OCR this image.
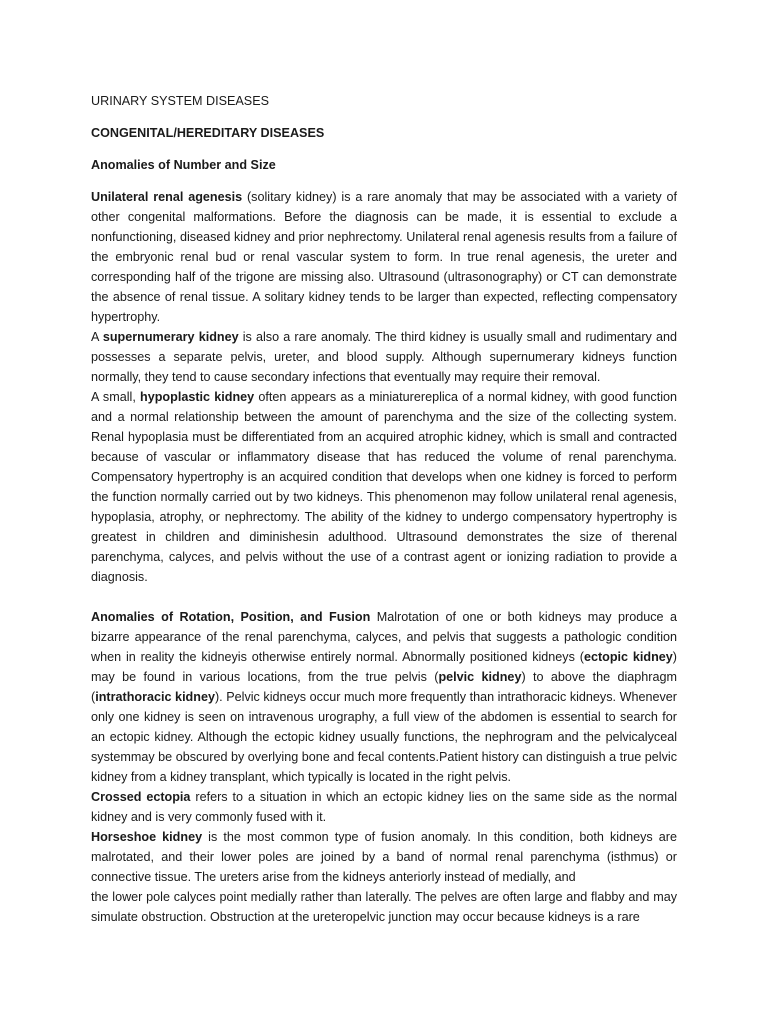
URINARY SYSTEM DISEASES

CONGENITAL/HEREDITARY DISEASES

Anomalies of Number and Size

Unilateral renal agenesis (solitary kidney) is a rare anomaly that may be associated with a variety of other congenital malformations. Before the diagnosis can be made, it is essential to exclude a nonfunctioning, diseased kidney and prior nephrectomy. Unilateral renal agenesis results from a failure of the embryonic renal bud or renal vascular system to form. In true renal agenesis, the ureter and corresponding half of the trigone are missing also. Ultrasound (ultrasonography) or CT can demonstrate the absence of renal tissue. A solitary kidney tends to be larger than expected, reflecting compensatory hypertrophy.

A supernumerary kidney is also a rare anomaly. The third kidney is usually small and rudimentary and possesses a separate pelvis, ureter, and blood supply. Although supernumerary kidneys function normally, they tend to cause secondary infections that eventually may require their removal.

A small, hypoplastic kidney often appears as a miniaturereplica of a normal kidney, with good function and a normal relationship between the amount of parenchyma and the size of the collecting system. Renal hypoplasia must be differentiated from an acquired atrophic kidney, which is small and contracted because of vascular or inflammatory disease that has reduced the volume of renal parenchyma. Compensatory hypertrophy is an acquired condition that develops when one kidney is forced to perform the function normally carried out by two kidneys. This phenomenon may follow unilateral renal agenesis, hypoplasia, atrophy, or nephrectomy. The ability of the kidney to undergo compensatory hypertrophy is greatest in children and diminishesin adulthood. Ultrasound demonstrates the size of therenal parenchyma, calyces, and pelvis without the use of a contrast agent or ionizing radiation to provide a diagnosis.

Anomalies of Rotation, Position, and Fusion Malrotation of one or both kidneys may produce a bizarre appearance of the renal parenchyma, calyces, and pelvis that suggests a pathologic condition when in reality the kidneyis otherwise entirely normal. Abnormally positioned kidneys (ectopic kidney) may be found in various locations, from the true pelvis (pelvic kidney) to above the diaphragm (intrathoracic kidney). Pelvic kidneys occur much more frequently than intrathoracic kidneys. Whenever only one kidney is seen on intravenous urography, a full view of the abdomen is essential to search for an ectopic kidney. Although the ectopic kidney usually functions, the nephrogram and the pelvicalyceal systemmay be obscured by overlying bone and fecal contents.Patient history can distinguish a true pelvic kidney from a kidney transplant, which typically is located in the right pelvis.

Crossed ectopia refers to a situation in which an ectopic kidney lies on the same side as the normal kidney and is very commonly fused with it.

Horseshoe kidney is the most common type of fusion anomaly. In this condition, both kidneys are malrotated, and their lower poles are joined by a band of normal renal parenchyma (isthmus) or connective tissue. The ureters arise from the kidneys anteriorly instead of medially, and

the lower pole calyces point medially rather than laterally. The pelves are often large and flabby and may simulate obstruction. Obstruction at the ureteropelvic junction may occur because kidneys is a rare
